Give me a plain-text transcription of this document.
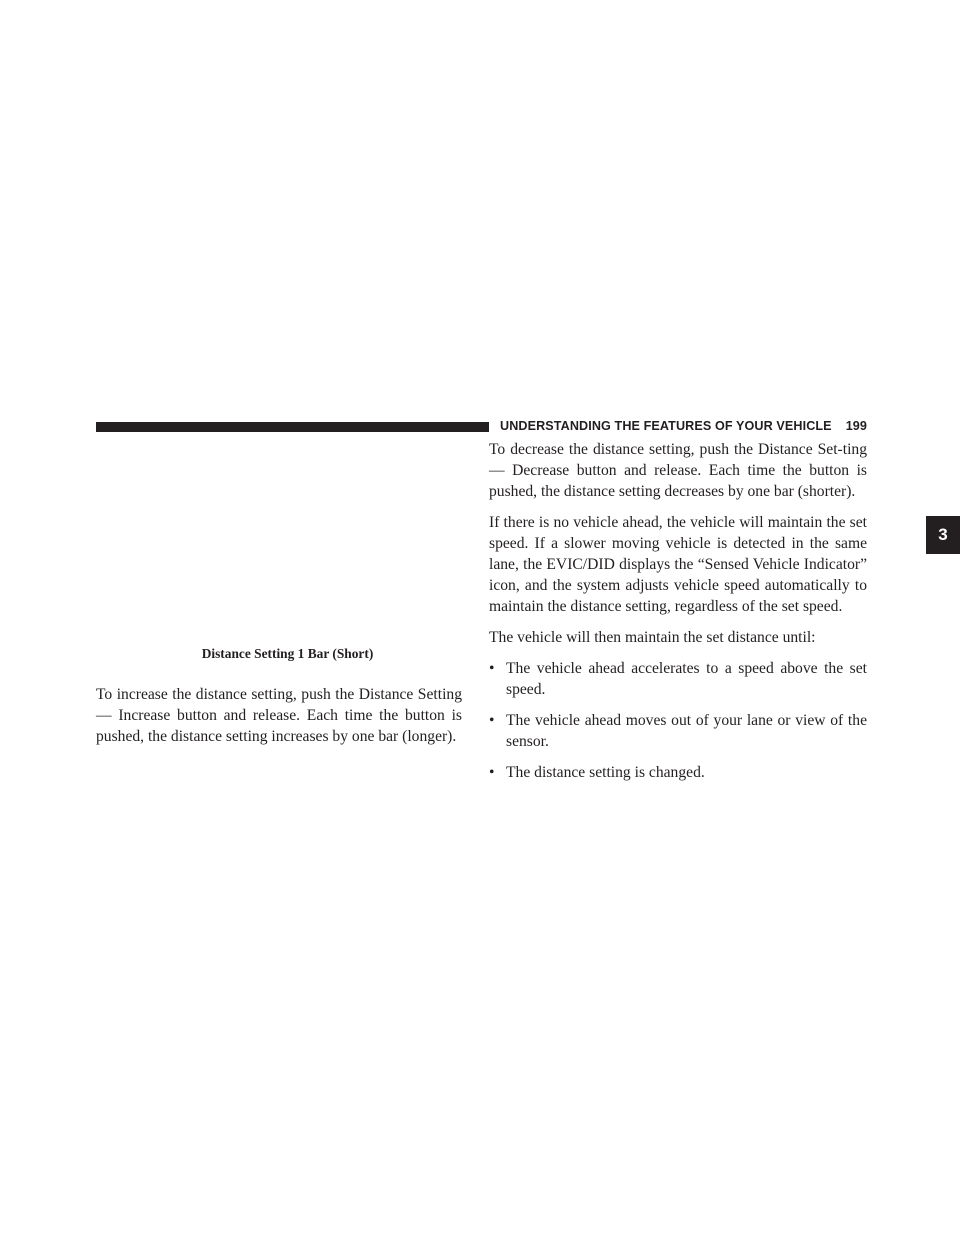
UNDERSTANDING THE FEATURES OF YOUR VEHICLE 199
3
Distance Setting 1 Bar (Short)

To increase the distance setting, push the Distance Setting — Increase button and release. Each time the button is pushed, the distance setting increases by one bar (longer).

To decrease the distance setting, push the Distance Set-ting — Decrease button and release. Each time the button is pushed, the distance setting decreases by one bar (shorter).

If there is no vehicle ahead, the vehicle will maintain the set speed. If a slower moving vehicle is detected in the same lane, the EVIC/DID displays the “Sensed Vehicle Indicator” icon, and the system adjusts vehicle speed automatically to maintain the distance setting, regardless of the set speed.

The vehicle will then maintain the set distance until:

• The vehicle ahead accelerates to a speed above the set speed.
• The vehicle ahead moves out of your lane or view of the sensor.
• The distance setting is changed.
